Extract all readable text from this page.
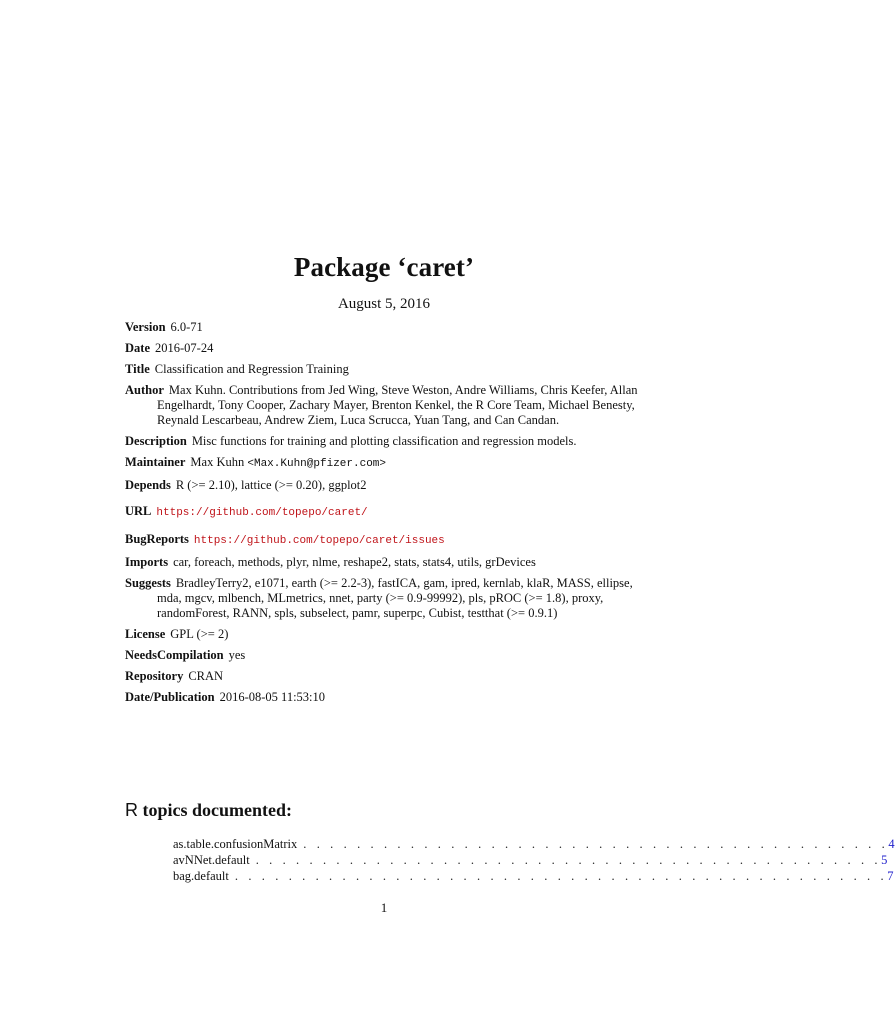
Package ‘caret’
August 5, 2016
Version 6.0-71
Date 2016-07-24
Title Classification and Regression Training
Author Max Kuhn. Contributions from Jed Wing, Steve Weston, Andre Williams, Chris Keefer, Allan Engelhardt, Tony Cooper, Zachary Mayer, Brenton Kenkel, the R Core Team, Michael Benesty, Reynald Lescarbeau, Andrew Ziem, Luca Scrucca, Yuan Tang, and Can Candan.
Description Misc functions for training and plotting classification and regression models.
Maintainer Max Kuhn <Max.Kuhn@pfizer.com>
Depends R (>= 2.10), lattice (>= 0.20), ggplot2
URL https://github.com/topepo/caret/
BugReports https://github.com/topepo/caret/issues
Imports car, foreach, methods, plyr, nlme, reshape2, stats, stats4, utils, grDevices
Suggests BradleyTerry2, e1071, earth (>= 2.2-3), fastICA, gam, ipred, kernlab, klaR, MASS, ellipse, mda, mgcv, mlbench, MLmetrics, nnet, party (>= 0.9-99992), pls, pROC (>= 1.8), proxy, randomForest, RANN, spls, subselect, pamr, superpc, Cubist, testthat (>= 0.9.1)
License GPL (>= 2)
NeedsCompilation yes
Repository CRAN
Date/Publication 2016-08-05 11:53:10
R topics documented:
as.table.confusionMatrix . . . . . . . . . . . . . . . . . . . . . . . . . . . . . . . . . . . . . . . . . . . . 4
avNNet.default . . . . . . . . . . . . . . . . . . . . . . . . . . . . . . . . . . . . . . . . . . . . . . . 5
bag.default . . . . . . . . . . . . . . . . . . . . . . . . . . . . . . . . . . . . . . . . . . . . . . . . . 7
1
